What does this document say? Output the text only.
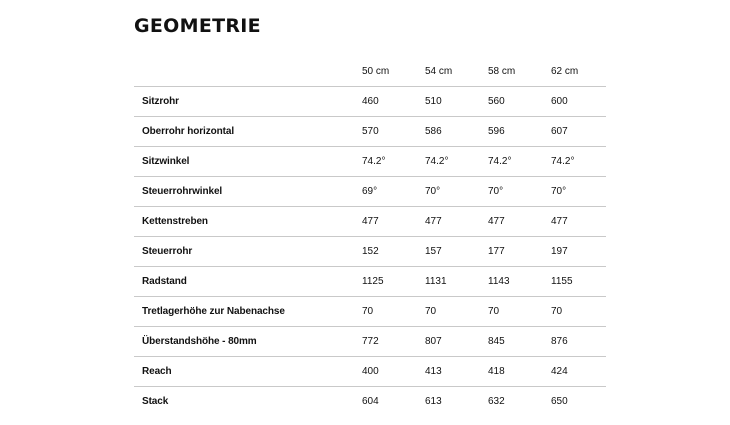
GEOMETRIE
	50 cm	54 cm	58 cm	62 cm
Sitzrohr	460	510	560	600
Oberrohr horizontal	570	586	596	607
Sitzwinkel	74.2°	74.2°	74.2°	74.2°
Steuerrohrwinkel	69°	70°	70°	70°
Kettenstreben	477	477	477	477
Steuerrohr	152	157	177	197
Radstand	1125	1131	1143	1155
Tretlagerhöhe zur Nabenachse	70	70	70	70
Überstandshöhe - 80mm	772	807	845	876
Reach	400	413	418	424
Stack	604	613	632	650
